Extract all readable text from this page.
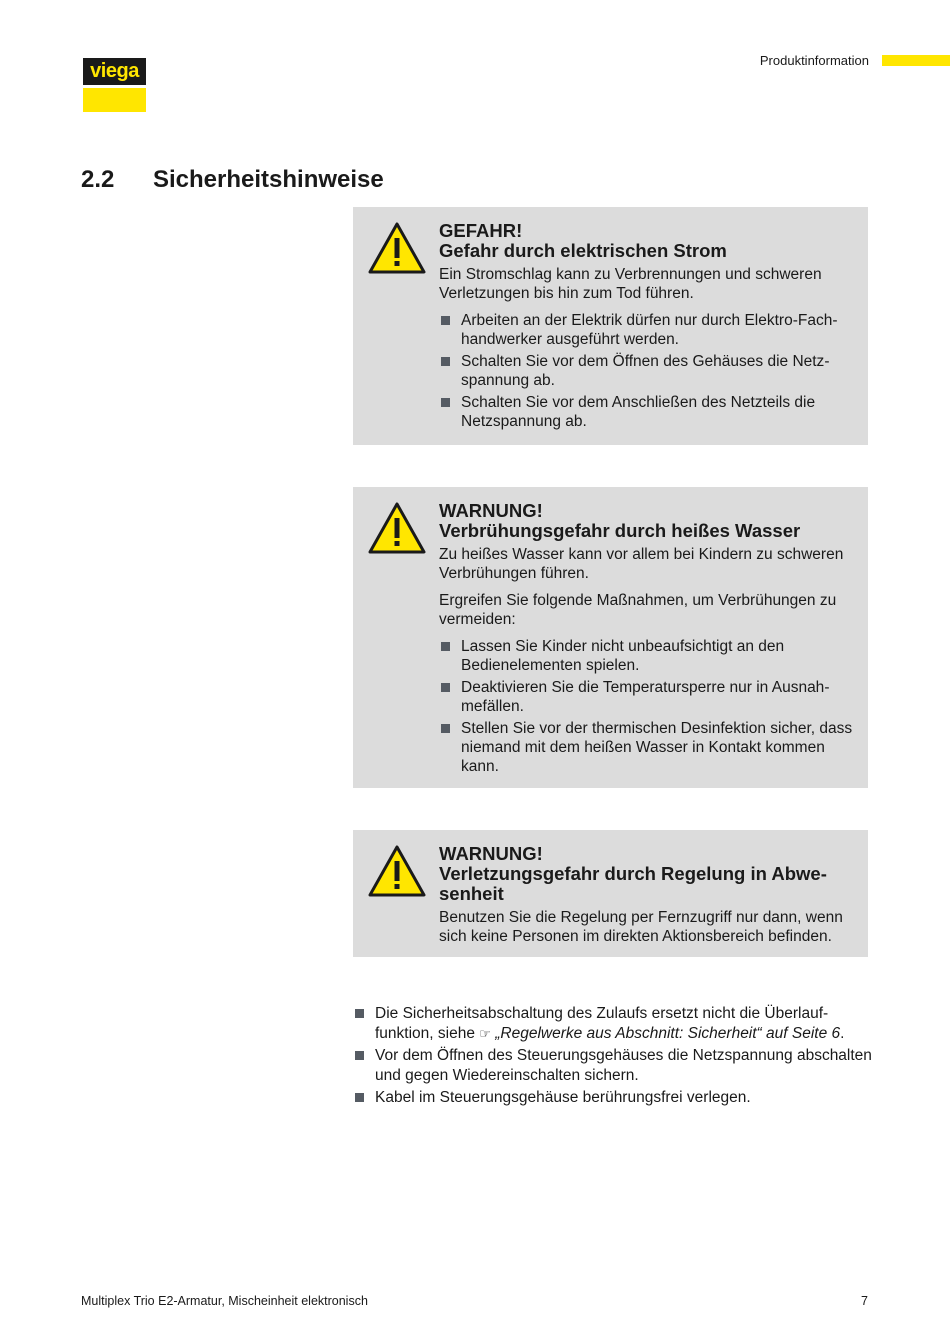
viega	Produktinformation
2.2 Sicherheitshinweise
GEFAHR!
Gefahr durch elektrischen Strom

Ein Stromschlag kann zu Verbrennungen und schweren Verletzungen bis hin zum Tod führen.

Arbeiten an der Elektrik dürfen nur durch Elektro-Fachhandwerker ausgeführt werden.
Schalten Sie vor dem Öffnen des Gehäuses die Netzspannung ab.
Schalten Sie vor dem Anschließen des Netzteils die Netzspannung ab.
WARNUNG!
Verbrühungsgefahr durch heißes Wasser

Zu heißes Wasser kann vor allem bei Kindern zu schweren Verbrühungen führen.

Ergreifen Sie folgende Maßnahmen, um Verbrühungen zu vermeiden:

Lassen Sie Kinder nicht unbeaufsichtigt an den Bedienelementen spielen.
Deaktivieren Sie die Temperatursperre nur in Ausnahmefällen.
Stellen Sie vor der thermischen Desinfektion sicher, dass niemand mit dem heißen Wasser in Kontakt kommen kann.
WARNUNG!
Verletzungsgefahr durch Regelung in Abwesenheit

Benutzen Sie die Regelung per Fernzugriff nur dann, wenn sich keine Personen im direkten Aktionsbereich befinden.

Die Sicherheitsabschaltung des Zulaufs ersetzt nicht die Überlauffunktion, siehe ☞ „Regelwerke aus Abschnitt: Sicherheit“ auf Seite 6.
Vor dem Öffnen des Steuerungsgehäuses die Netzspannung abschalten und gegen Wiedereinschalten sichern.
Kabel im Steuerungsgehäuse berührungsfrei verlegen.
Multiplex Trio E2-Armatur, Mischeinheit elektronisch	7
